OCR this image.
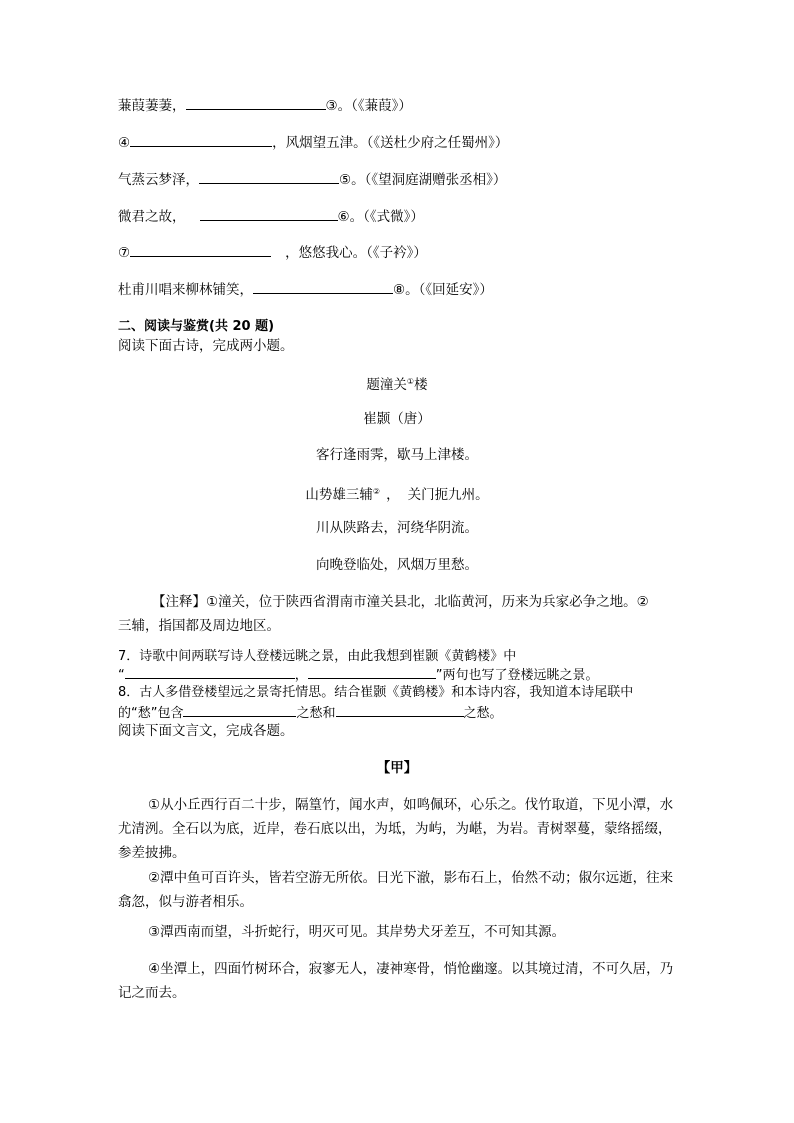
蒹葭萋萋，	③。（《蒹葭》）
④	，风烟望五津。（《送杜少府之任蜀州》）
气蒸云梦泽，	⑤。（《望洞庭湖赠张丞相》）
微君之故，	⑥。（《式微》）
⑦	，悠悠我心。（《子衿》）
杜甫川唱来柳林铺笑，	⑧。（《回延安》）
二、阅读与鉴赏(共 20 题)
阅读下面古诗，完成两小题。
题潼关①楼
崔颢（唐）
客行逢雨霁，歇马上津楼。
山势雄三辅② ， 关门扼九州。
川从陕路去，河绕华阴流。
向晚登临处，风烟万里愁。
【注释】①潼关，位于陕西省渭南市潼关县北，北临黄河，历来为兵家必争之地。②
三辅，指国都及周边地区。
7．诗歌中间两联写诗人登楼远眺之景，由此我想到崔颢《黄鹤楼》中
“	，	”两句也写了登楼远眺之景。
8．古人多借登楼望远之景寄托情思。结合崔颢《黄鹤楼》和本诗内容，我知道本诗尾联中
的“愁”包含	之愁和	之愁。
阅读下面文言文，完成各题。
【甲】
①从小丘西行百二十步，隔篁竹，闻水声，如鸣佩环，心乐之。伐竹取道，下见小潭，水尤清洌。全石以为底，近岸，卷石底以出，为坻，为屿，为嵁，为岩。青树翠蔓，蒙络摇缀，参差披拂。
②潭中鱼可百许头，皆若空游无所依。日光下澈，影布石上，佁然不动；俶尔远逝，往来翕忽，似与游者相乐。
③潭西南而望，斗折蛇行，明灭可见。其岸势犬牙差互，不可知其源。
④坐潭上，四面竹树环合，寂寥无人，凄神寒骨，悄怆幽邃。以其境过清，不可久居，乃记之而去。
